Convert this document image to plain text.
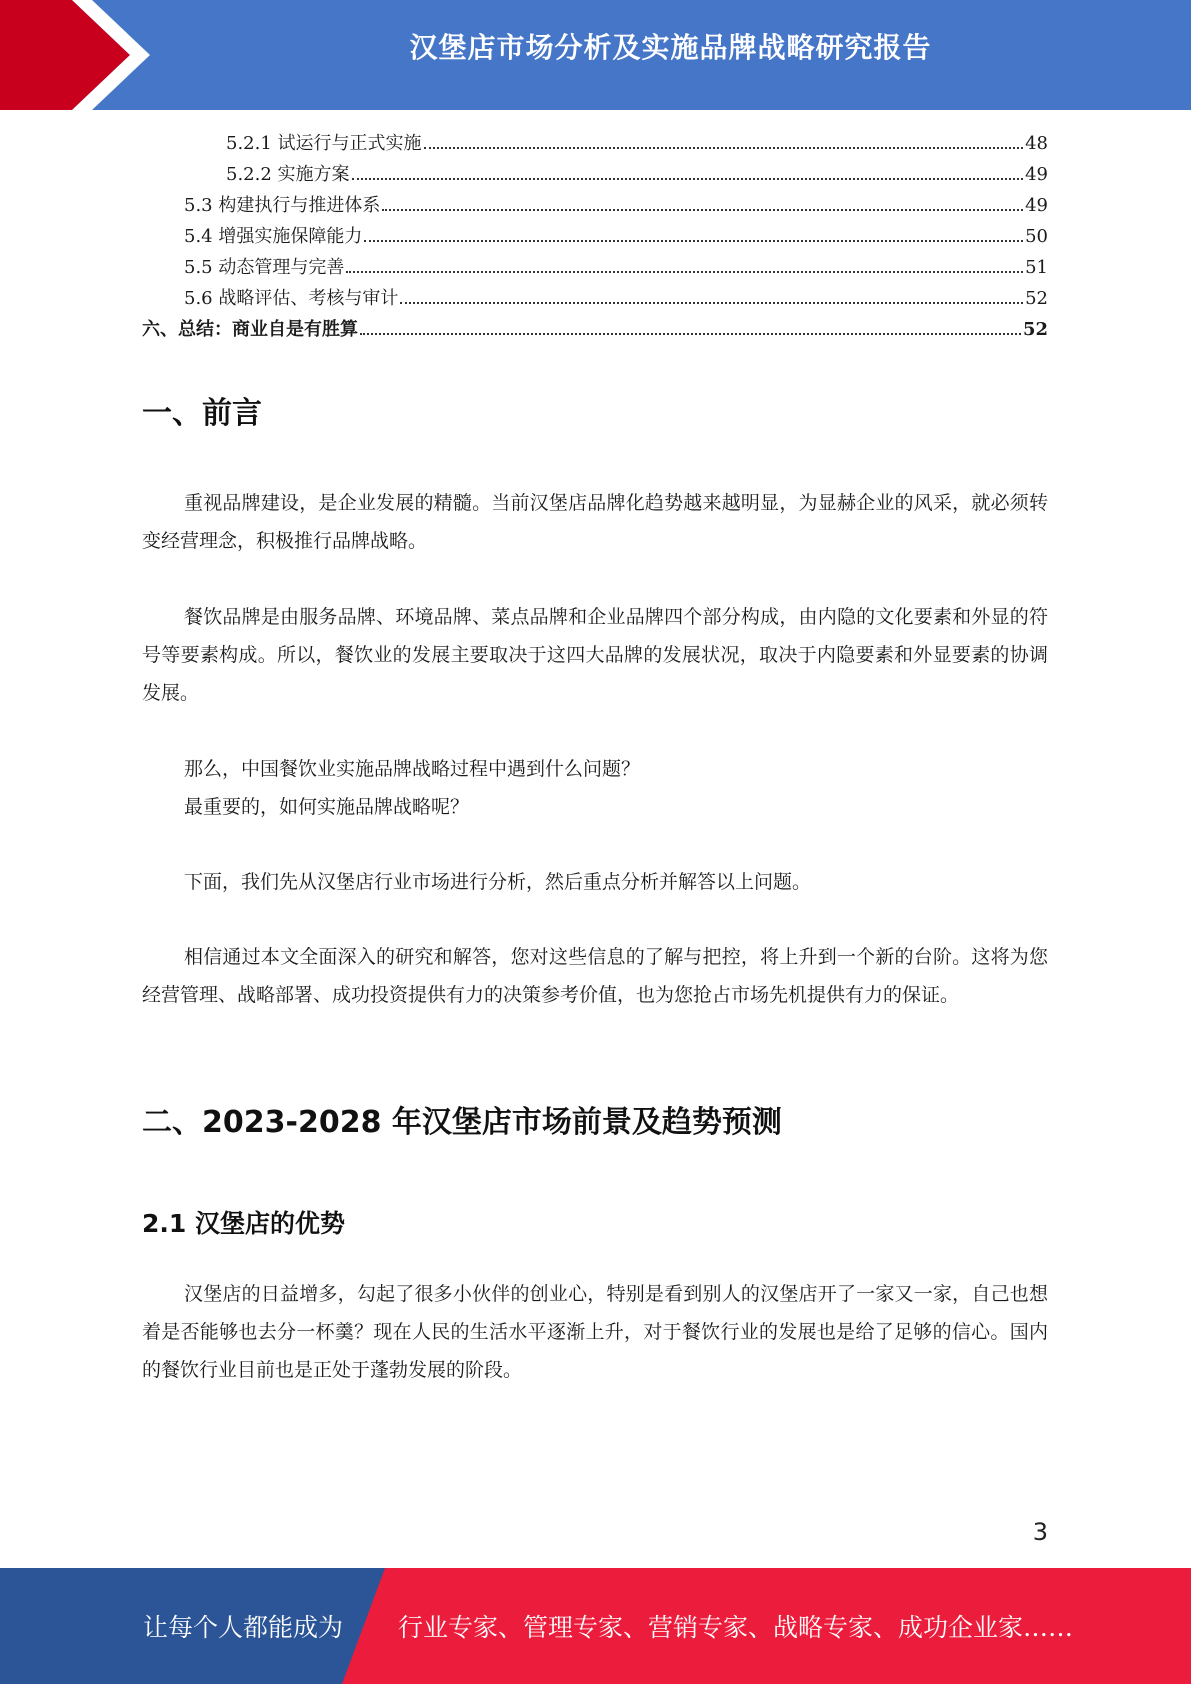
汉堡店市场分析及实施品牌战略研究报告
5.2.1 试运行与正式实施	48
5.2.2 实施方案	49
5.3 构建执行与推进体系	49
5.4 增强实施保障能力	50
5.5 动态管理与完善	51
5.6 战略评估、考核与审计	52
六、总结：商业自是有胜算	52
一、前言
重视品牌建设，是企业发展的精髓。当前汉堡店品牌化趋势越来越明显，为显赫企业的风采，就必须转变经营理念，积极推行品牌战略。
餐饮品牌是由服务品牌、环境品牌、菜点品牌和企业品牌四个部分构成，由内隐的文化要素和外显的符号等要素构成。所以，餐饮业的发展主要取决于这四大品牌的发展状况，取决于内隐要素和外显要素的协调发展。
那么，中国餐饮业实施品牌战略过程中遇到什么问题？
最重要的，如何实施品牌战略呢？
下面，我们先从汉堡店行业市场进行分析，然后重点分析并解答以上问题。
相信通过本文全面深入的研究和解答，您对这些信息的了解与把控，将上升到一个新的台阶。这将为您经营管理、战略部署、成功投资提供有力的决策参考价值，也为您抢占市场先机提供有力的保证。
二、2023-2028 年汉堡店市场前景及趋势预测
2.1 汉堡店的优势
汉堡店的日益增多，勾起了很多小伙伴的创业心，特别是看到别人的汉堡店开了一家又一家，自己也想着是否能够也去分一杯羹？现在人民的生活水平逐渐上升，对于餐饮行业的发展也是给了足够的信心。国内的餐饮行业目前也是正处于蓬勃发展的阶段。
3
让每个人都能成为 行业专家、管理专家、营销专家、战略专家、成功企业家……
